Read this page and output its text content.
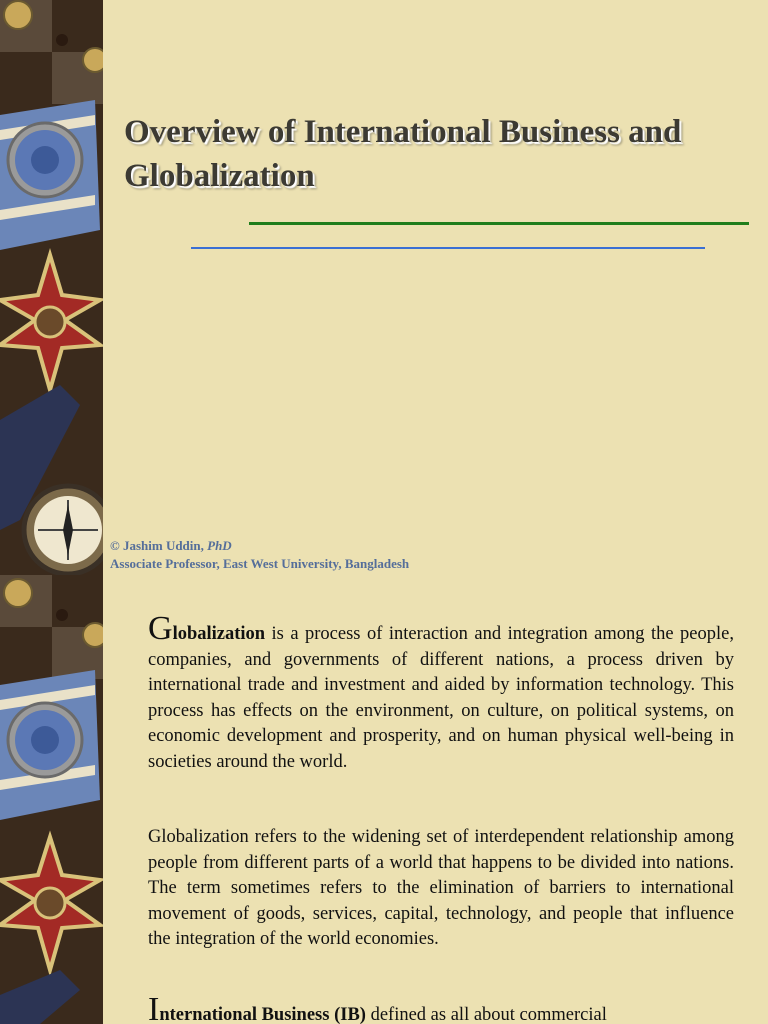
Overview of International Business and Globalization
© Jashim Uddin, PhD
Associate Professor, East West University, Bangladesh

Globalization is a process of interaction and integration among the people, companies, and governments of different nations, a process driven by international trade and investment and aided by information technology. This process has effects on the environment, on culture, on political systems, on economic development and prosperity, and on human physical well-being in societies around the world.

Globalization refers to the widening set of interdependent relationship among people from different parts of a world that happens to be divided into nations. The term sometimes refers to the elimination of barriers to international movement of goods, services, capital, technology, and people that influence the integration of the world economies.

International Business (IB) defined as all about commercial
